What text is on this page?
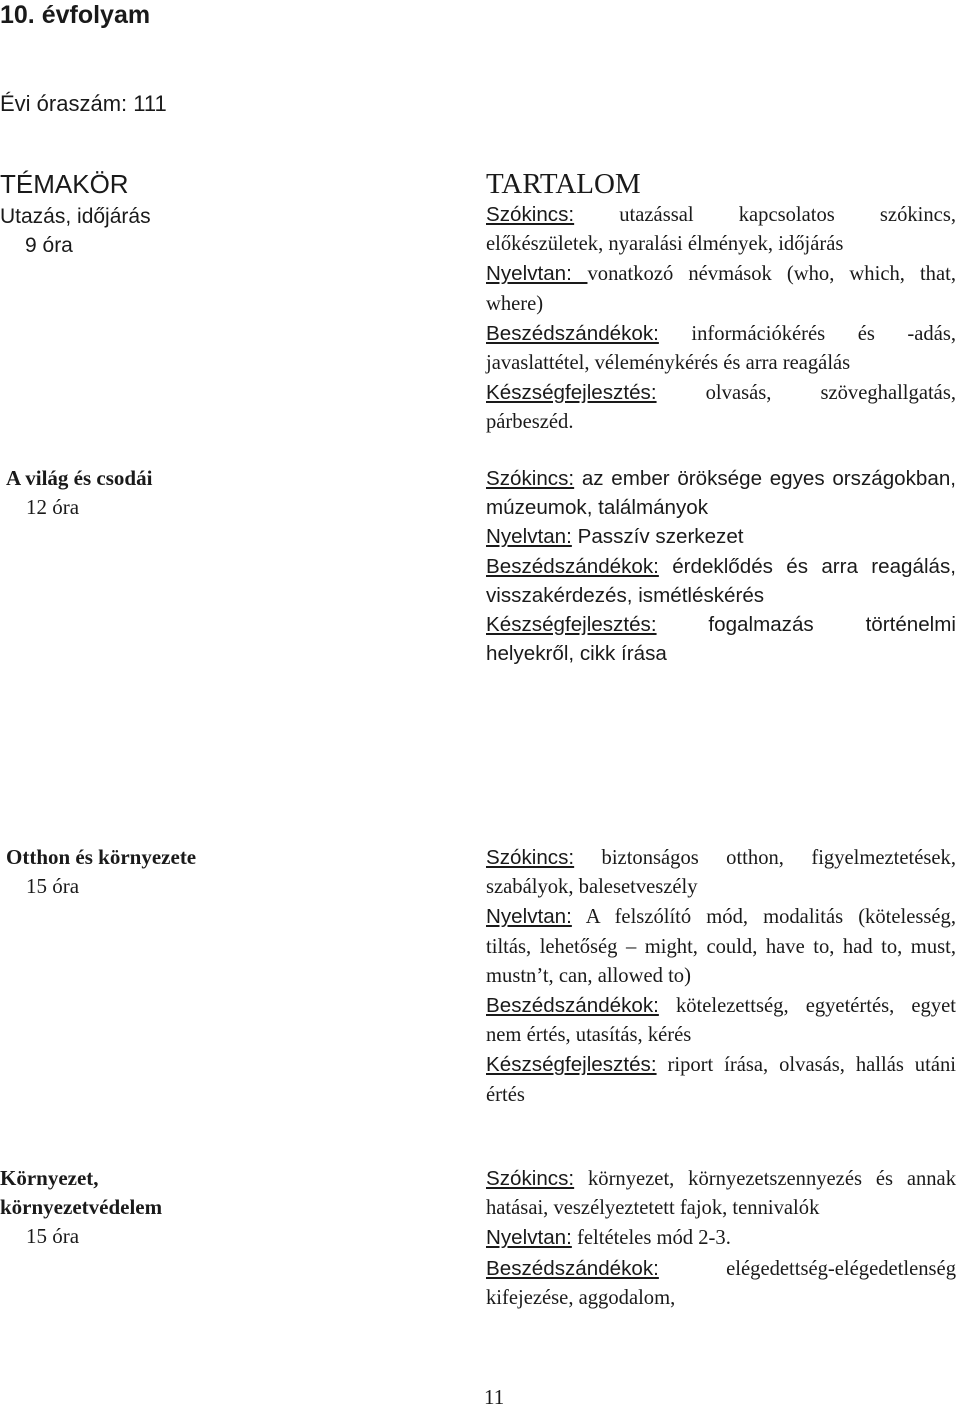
10. évfolyam
Évi óraszám: 111
TÉMAKÖR	TARTALOM
Utazás, időjárás
9 óra

Szókincs: utazással kapcsolatos szókincs, előkészületek, nyaralási élmények, időjárás

Nyelvtan: vonatkozó névmások (who, which, that, where)

Beszédszándékok: információkérés és -adás, javaslattétel, véleménykérés és arra reagálás

Készségfejlesztés: olvasás, szöveghallgatás, párbeszéd.

A világ és csodái
12 óra

Szókincs: az ember öröksége egyes országokban, múzeumok, találmányok

Nyelvtan: Passzív szerkezet

Beszédszándékok: érdeklődés és arra reagálás, visszakérdezés, ismétléskérés

Készségfejlesztés: fogalmazás történelmi helyekről, cikk írása

Otthon és környezete
15 óra

Szókincs: biztonságos otthon, figyelmeztetések, szabályok, balesetveszély

Nyelvtan: A felszólító mód, modalitás (kötelesség, tiltás, lehetőség – might, could, have to, had to, must, mustn’t, can, allowed to)

Beszédszándékok: kötelezettség, egyetértés, egyet nem értés, utasítás, kérés

Készségfejlesztés: riport írása, olvasás, hallás utáni értés

Környezet, környezetvédelem
15 óra

Szókincs: környezet, környezetszennyezés és annak hatásai, veszélyeztetett fajok, tennivalók

Nyelvtan: feltételes mód 2-3.

Beszédszándékok: elégedettség-elégedetlenség kifejezése, aggodalom,

11
